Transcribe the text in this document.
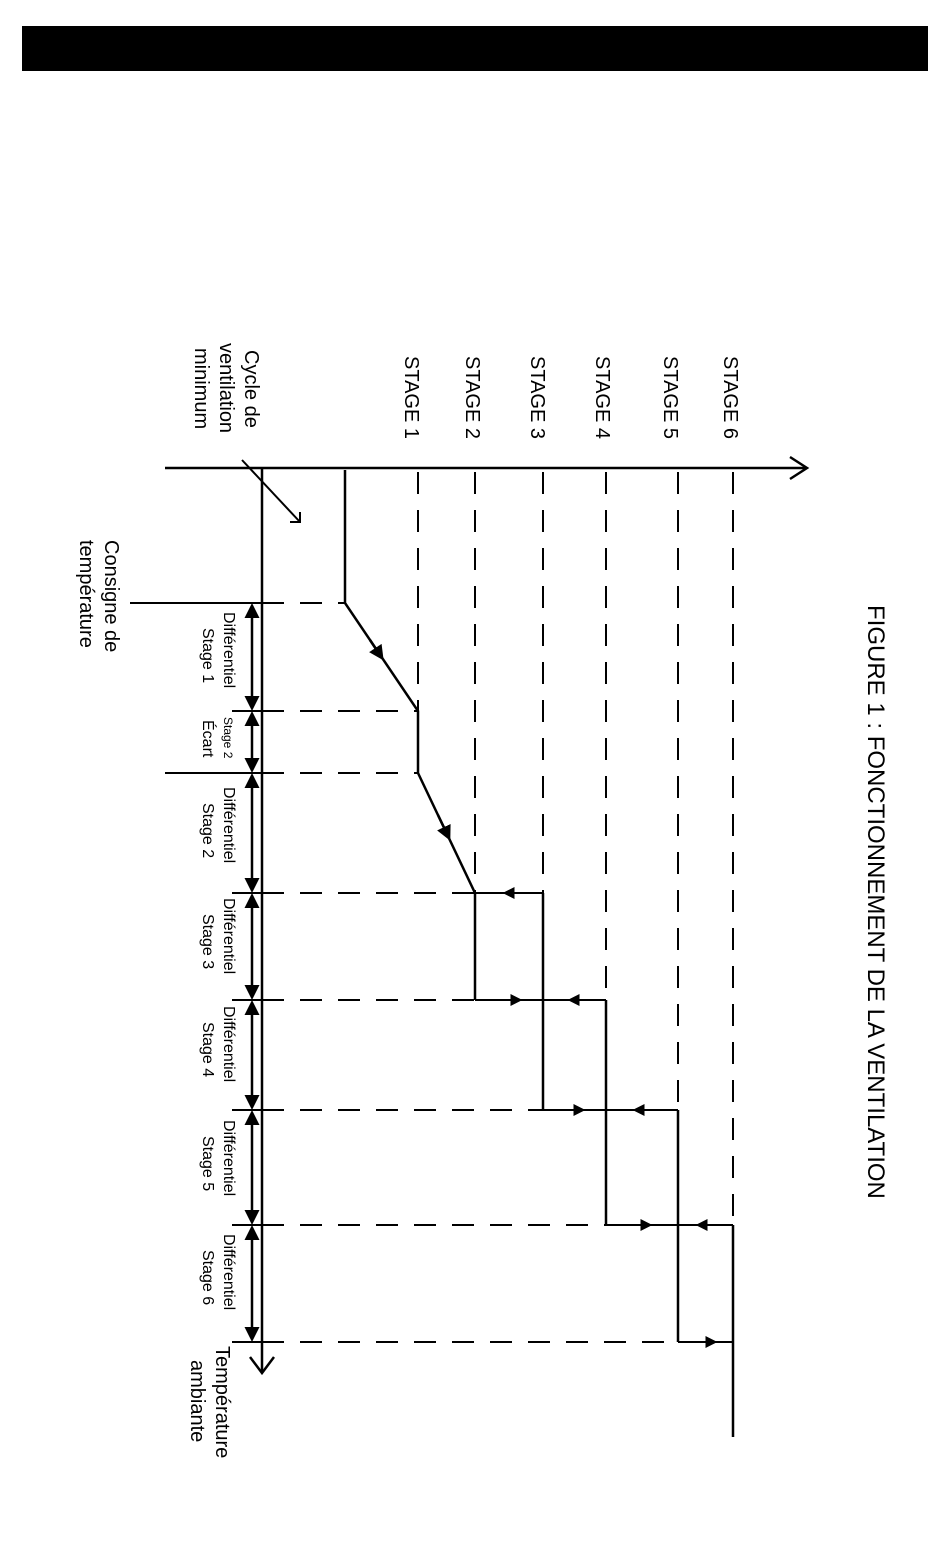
FIGURE 1 : FONCTIONNEMENT DE LA VENTILATION
STAGE 1 STAGE 2 STAGE 3 STAGE 4 STAGE 5 STAGE 6
Cycle de
ventilation
minimum
Consigne de
température
Température
ambiante
Différentiel
Stage 1
Stage 2
Écart
Différentiel
Stage 2
Différentiel
Stage 3
Différentiel
Stage 4
Différentiel
Stage 5
Différentiel
Stage 6
